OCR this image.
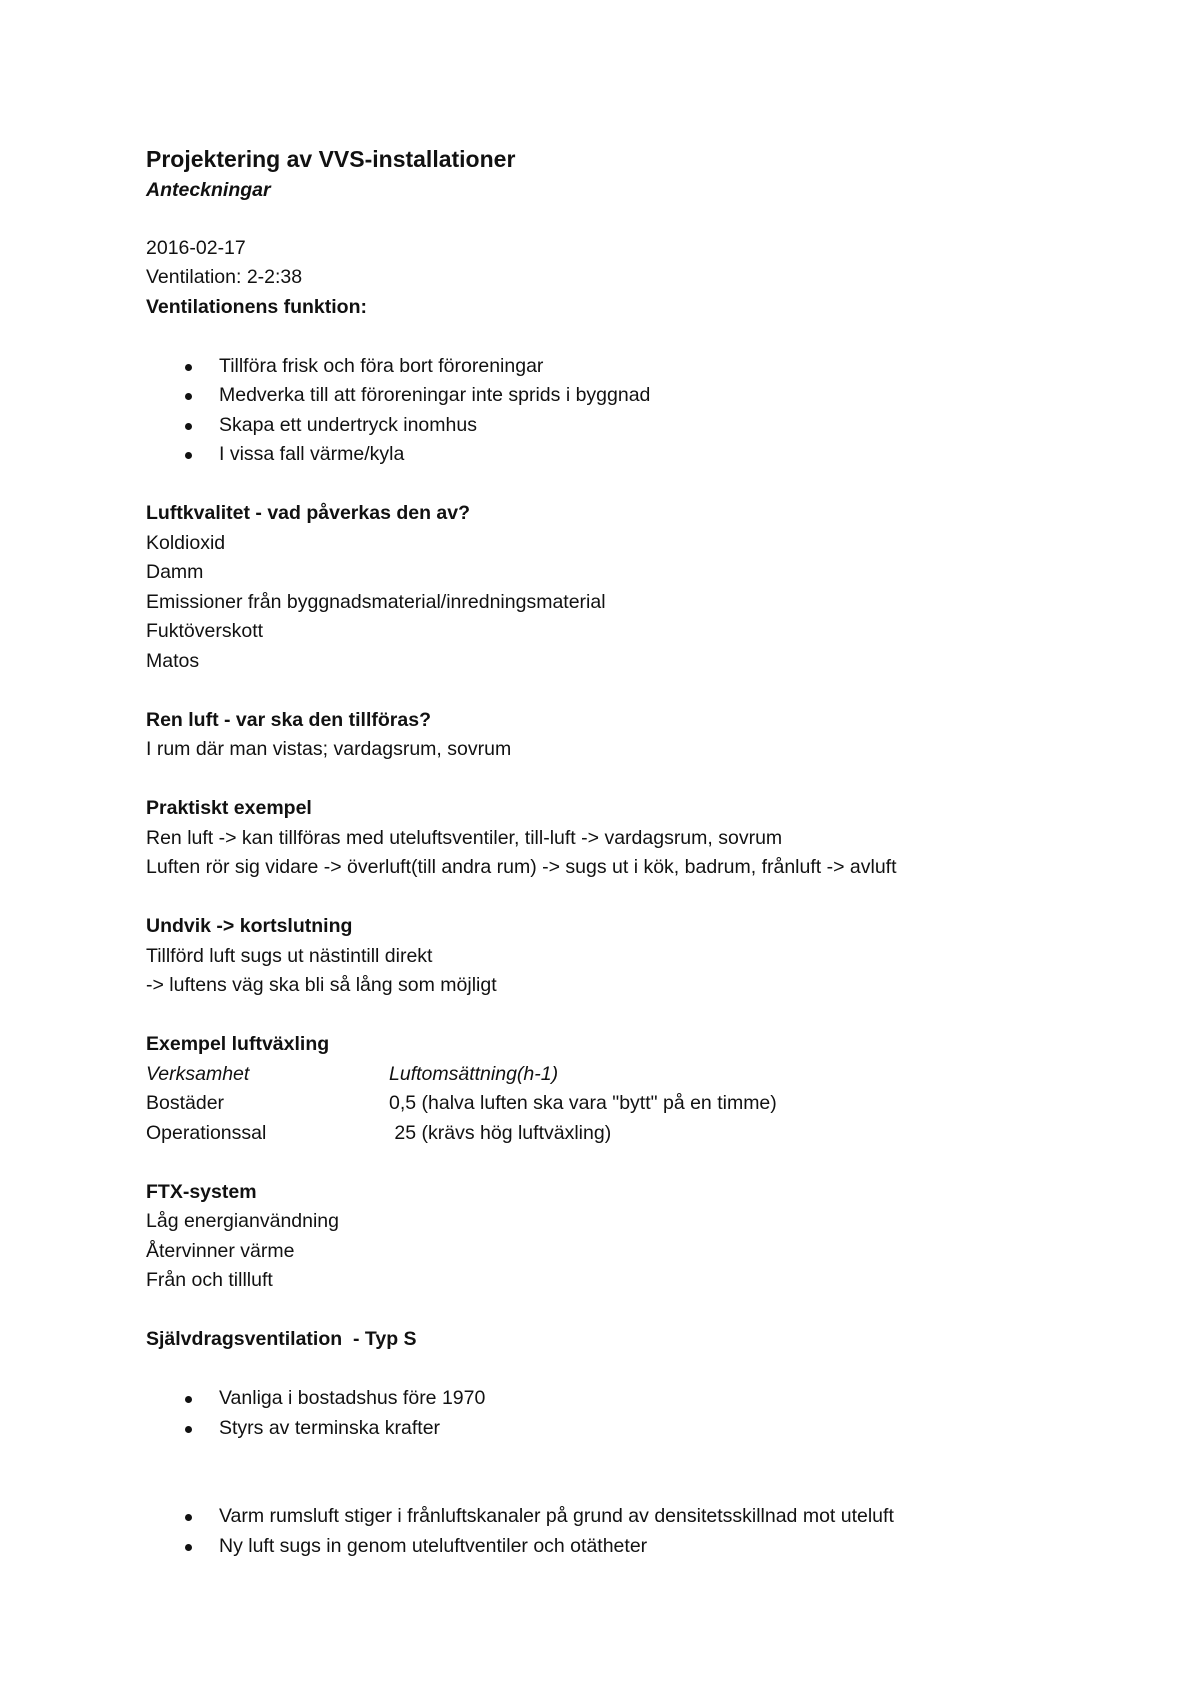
Projektering av VVS-installationer

Anteckningar

2016-02-17

Ventilation: 2-2:38

Ventilationens funktion:

Tillföra frisk och föra bort föroreningar
Medverka till att föroreningar inte sprids i byggnad
Skapa ett undertryck inomhus
I vissa fall värme/kyla

Luftkvalitet - vad påverkas den av?

Koldioxid

Damm

Emissioner från byggnadsmaterial/inredningsmaterial

Fuktöverskott

Matos

Ren luft - var ska den tillföras?

I rum där man vistas; vardagsrum, sovrum

Praktiskt exempel

Ren luft -> kan tillföras med uteluftsventiler, till-luft -> vardagsrum, sovrum

Luften rör sig vidare -> överluft(till andra rum) -> sugs ut i kök, badrum, frånluft -> avluft

Undvik -> kortslutning

Tillförd luft sugs ut nästintill direkt

-> luftens väg ska bli så lång som möjligt

Exempel luftväxling

Verksamhet	Luftomsättning(h-1)
Bostäder	0,5 (halva luften ska vara "bytt" på en timme)
Operationssal	25 (krävs hög luftväxling)

FTX-system

Låg energianvändning

Återvinner värme

Från och tillluft

Självdragsventilation  - Typ S

Vanliga i bostadshus före 1970
Styrs av terminska krafter
Varm rumsluft stiger i frånluftskanaler på grund av densitetsskillnad mot uteluft
Ny luft sugs in genom uteluftventiler och otätheter
